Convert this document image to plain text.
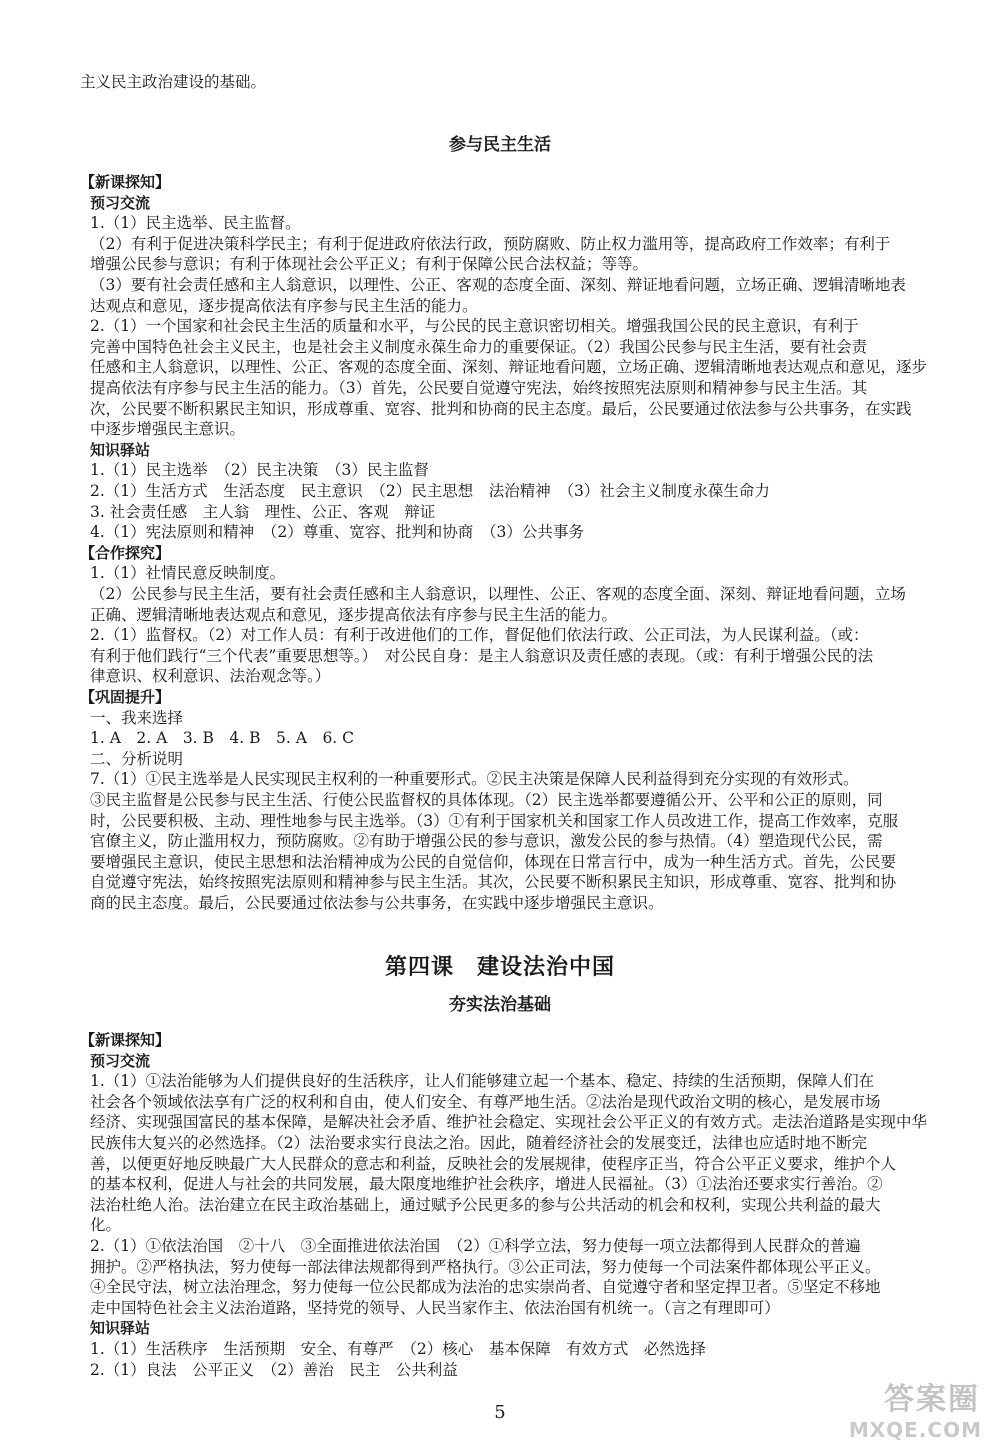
主义民主政治建设的基础。
参与民主生活
【新课探知】
预习交流
1.（1）民主选举、民主监督。
（2）有利于促进决策科学民主；有利于促进政府依法行政，预防腐败、防止权力滥用等，提高政府工作效率；有利于
增强公民参与意识；有利于体现社会公平正义；有利于保障公民合法权益；等等。
（3）要有社会责任感和主人翁意识，以理性、公正、客观的态度全面、深刻、辩证地看问题，立场正确、逻辑清晰地表
达观点和意见，逐步提高依法有序参与民主生活的能力。
2.（1）一个国家和社会民主生活的质量和水平，与公民的民主意识密切相关。增强我国公民的民主意识，有利于
完善中国特色社会主义民主，也是社会主义制度永葆生命力的重要保证。（2）我国公民参与民主生活，要有社会责
任感和主人翁意识，以理性、公正、客观的态度全面、深刻、辩证地看问题，立场正确、逻辑清晰地表达观点和意见，逐步
提高依法有序参与民主生活的能力。（3）首先，公民要自觉遵守宪法，始终按照宪法原则和精神参与民主生活。其
次，公民要不断积累民主知识，形成尊重、宽容、批判和协商的民主态度。最后，公民要通过依法参与公共事务，在实践
中逐步增强民主意识。
知识驿站
1.（1）民主选举　（2）民主决策　（3）民主监督
2.（1）生活方式　生活态度　民主意识　（2）民主思想　法治精神　（3）社会主义制度永葆生命力
3. 社会责任感　主人翁　理性、公正、客观　辩证
4.（1）宪法原则和精神　（2）尊重、宽容、批判和协商　（3）公共事务
【合作探究】
1.（1）社情民意反映制度。
（2）公民参与民主生活，要有社会责任感和主人翁意识，以理性、公正、客观的态度全面、深刻、辩证地看问题，立场
正确、逻辑清晰地表达观点和意见，逐步提高依法有序参与民主生活的能力。
2.（1）监督权。（2）对工作人员：有利于改进他们的工作，督促他们依法行政、公正司法，为人民谋利益。（或：
有利于他们践行“三个代表”重要思想等。）　对公民自身：是主人翁意识及责任感的表现。（或：有利于增强公民的法
律意识、权利意识、法治观念等。）
【巩固提升】
一、我来选择
1. A　2. A　3. B　4. B　5. A　6. C
二、分析说明
7.（1）①民主选举是人民实现民主权利的一种重要形式。②民主决策是保障人民利益得到充分实现的有效形式。
③民主监督是公民参与民主生活、行使公民监督权的具体体现。（2）民主选举都要遵循公开、公平和公正的原则，同
时，公民要积极、主动、理性地参与民主选举。（3）①有利于国家机关和国家工作人员改进工作，提高工作效率，克服
官僚主义，防止滥用权力，预防腐败。②有助于增强公民的参与意识，激发公民的参与热情。（4）塑造现代公民，需
要增强民主意识，使民主思想和法治精神成为公民的自觉信仰，体现在日常言行中，成为一种生活方式。首先，公民要
自觉遵守宪法，始终按照宪法原则和精神参与民主生活。其次，公民要不断积累民主知识，形成尊重、宽容、批判和协
商的民主态度。最后，公民要通过依法参与公共事务，在实践中逐步增强民主意识。
第四课　建设法治中国
夯实法治基础
【新课探知】
预习交流
1.（1）①法治能够为人们提供良好的生活秩序，让人们能够建立起一个基本、稳定、持续的生活预期，保障人们在
社会各个领域依法享有广泛的权利和自由，使人们安全、有尊严地生活。②法治是现代政治文明的核心，是发展市场
经济、实现强国富民的基本保障，是解决社会矛盾、维护社会稳定、实现社会公平正义的有效方式。走法治道路是实现中华
民族伟大复兴的必然选择。（2）法治要求实行良法之治。因此，随着经济社会的发展变迁，法律也应适时地不断完
善，以便更好地反映最广大人民群众的意志和利益，反映社会的发展规律，使程序正当，符合公平正义要求，维护个人
的基本权利，促进人与社会的共同发展，最大限度地维护社会秩序，增进人民福祉。（3）①法治还要求实行善治。②
法治杜绝人治。法治建立在民主政治基础上，通过赋予公民更多的参与公共活动的机会和权利，实现公共利益的最大
化。
2.（1）①依法治国　②十八　③全面推进依法治国　（2）①科学立法，努力使每一项立法都得到人民群众的普遍
拥护。②严格执法，努力使每一部法律法规都得到严格执行。③公正司法，努力使每一个司法案件都体现公平正义。
④全民守法，树立法治理念，努力使每一位公民都成为法治的忠实崇尚者、自觉遵守者和坚定捍卫者。⑤坚定不移地
走中国特色社会主义法治道路，坚持党的领导、人民当家作主、依法治国有机统一。（言之有理即可）
知识驿站
1.（1）生活秩序　生活预期　安全、有尊严　（2）核心　基本保障　有效方式　必然选择
2.（1）良法　公平正义　（2）善治　民主　公共利益
5	答案圈
MXQE.COM
